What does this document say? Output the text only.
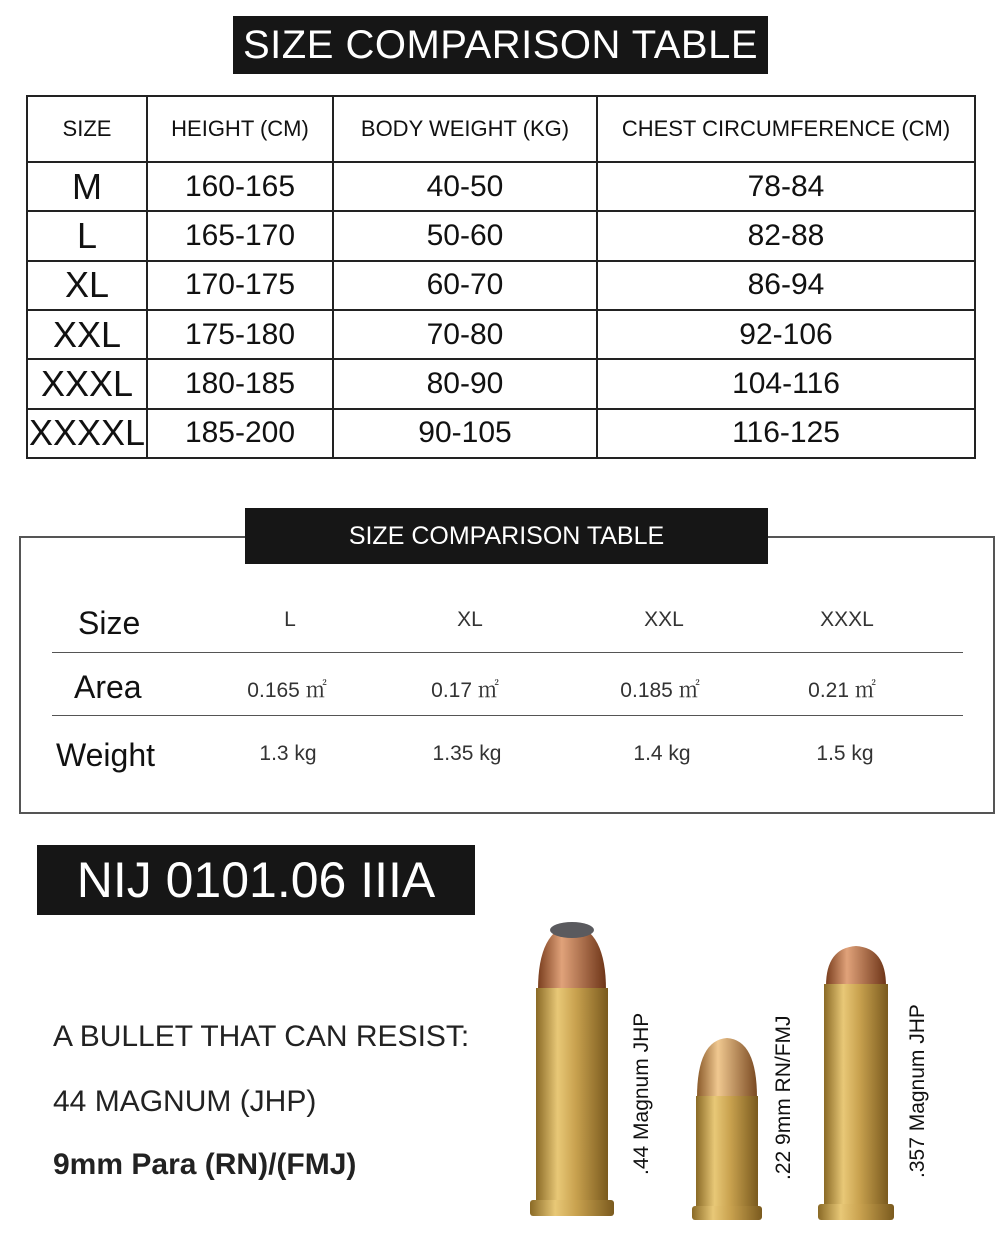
SIZE COMPARISON TABLE
SIZE	HEIGHT (CM)	BODY WEIGHT (KG)	CHEST CIRCUMFERENCE (CM)
M	160-165	40-50	78-84
L	165-170	50-60	82-88
XL	170-175	60-70	86-94
XXL	175-180	70-80	92-106
XXXL	180-185	80-90	104-116
XXXXL	185-200	90-105	116-125
SIZE COMPARISON TABLE
Size	L	XL	XXL	XXXL
Area	0.165 ㎡	0.17 ㎡	0.185 ㎡	0.21 ㎡
Weight	1.3 kg	1.35 kg	1.4 kg	1.5 kg
NIJ 0101.06 IIIA
A BULLET THAT CAN RESIST:
44 MAGNUM (JHP)
9mm Para (RN)/(FMJ)	.44 Magnum JHP	.22 9mm RN/FMJ	.357 Magnum JHP
